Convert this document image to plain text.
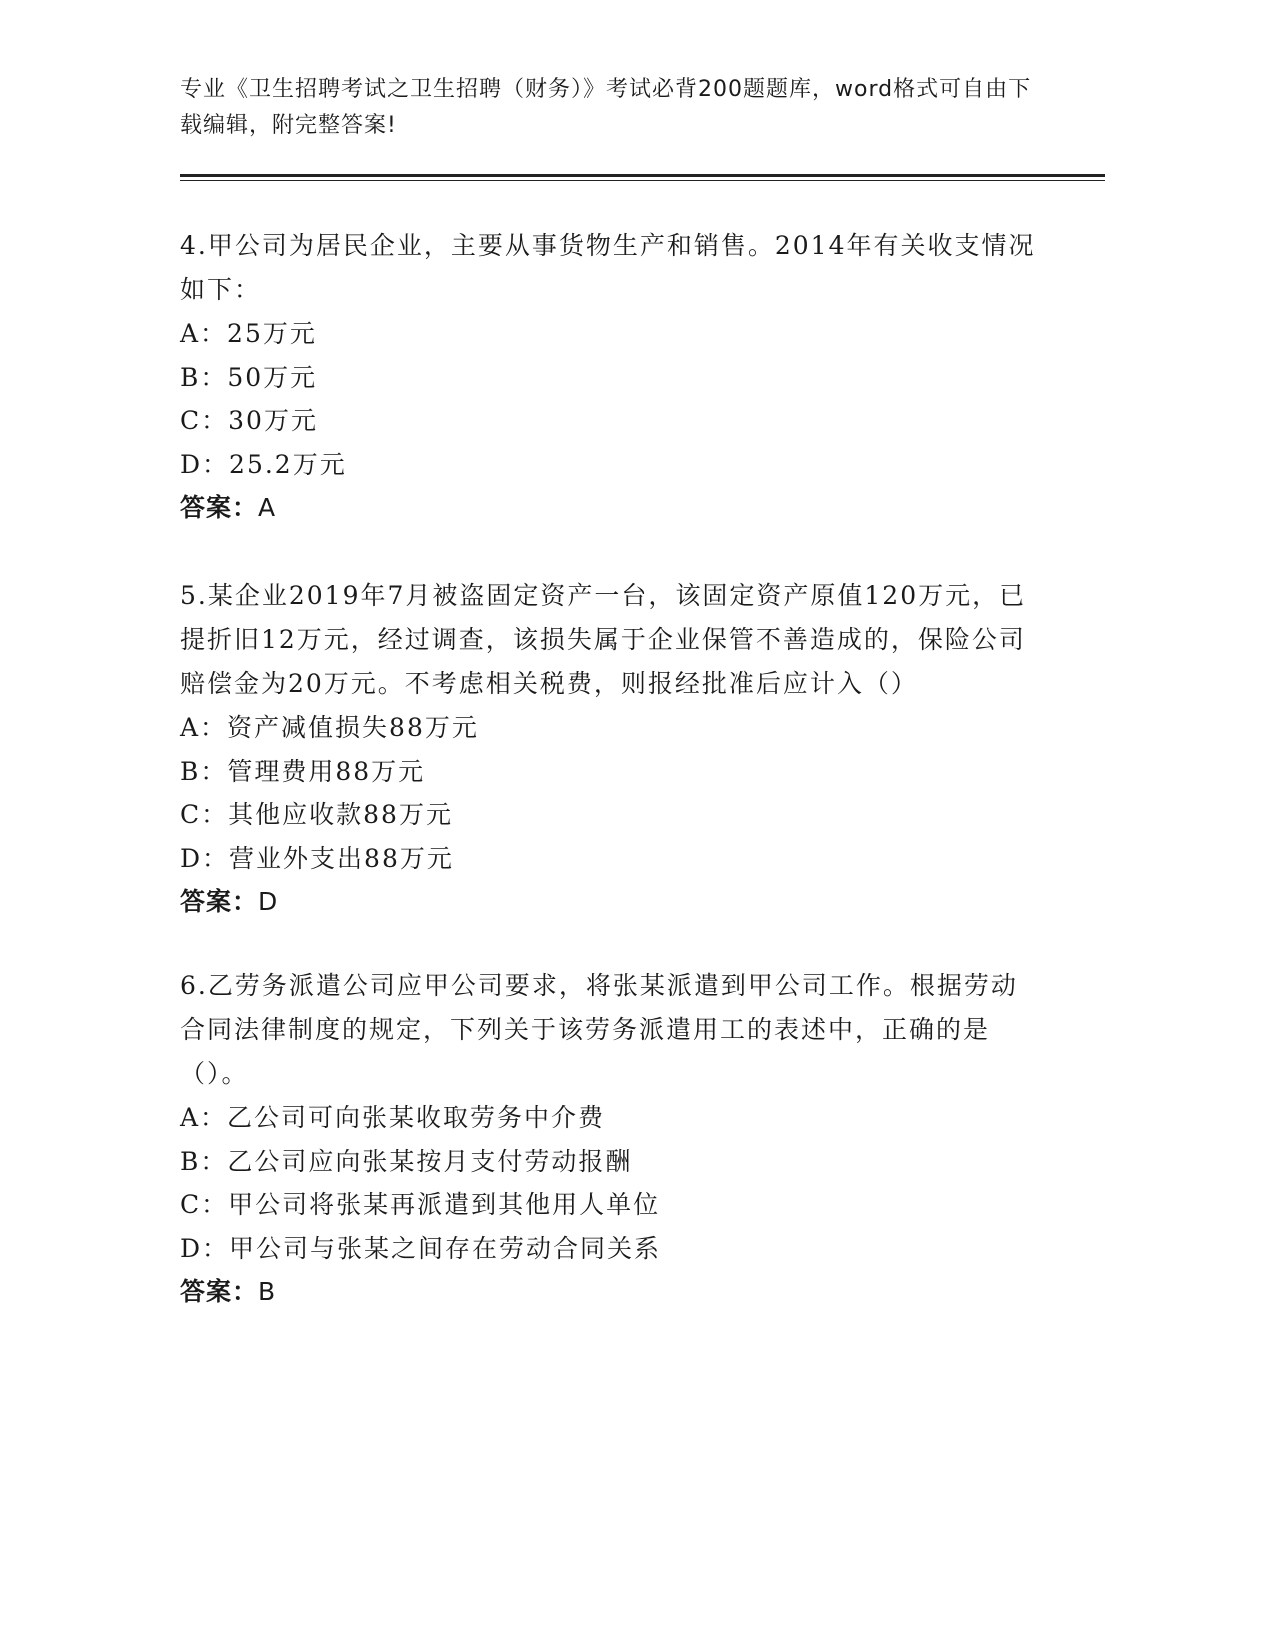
专业《卫生招聘考试之卫生招聘（财务）》考试必背200题题库，word格式可自由下载编辑，附完整答案!

4.甲公司为居民企业，主要从事货物生产和销售。2014年有关收支情况如下：

A：25万元

B：50万元

C：30万元

D：25.2万元

答案：A

5.某企业2019年7月被盗固定资产一台，该固定资产原值120万元，已提折旧12万元，经过调查，该损失属于企业保管不善造成的，保险公司赔偿金为20万元。不考虑相关税费，则报经批准后应计入（）

A：资产减值损失88万元

B：管理费用88万元

C：其他应收款88万元

D：营业外支出88万元

答案：D

6.乙劳务派遣公司应甲公司要求，将张某派遣到甲公司工作。根据劳动合同法律制度的规定，下列关于该劳务派遣用工的表述中，正确的是（）。

A：乙公司可向张某收取劳务中介费

B：乙公司应向张某按月支付劳动报酬

C：甲公司将张某再派遣到其他用人单位

D：甲公司与张某之间存在劳动合同关系

答案：B
